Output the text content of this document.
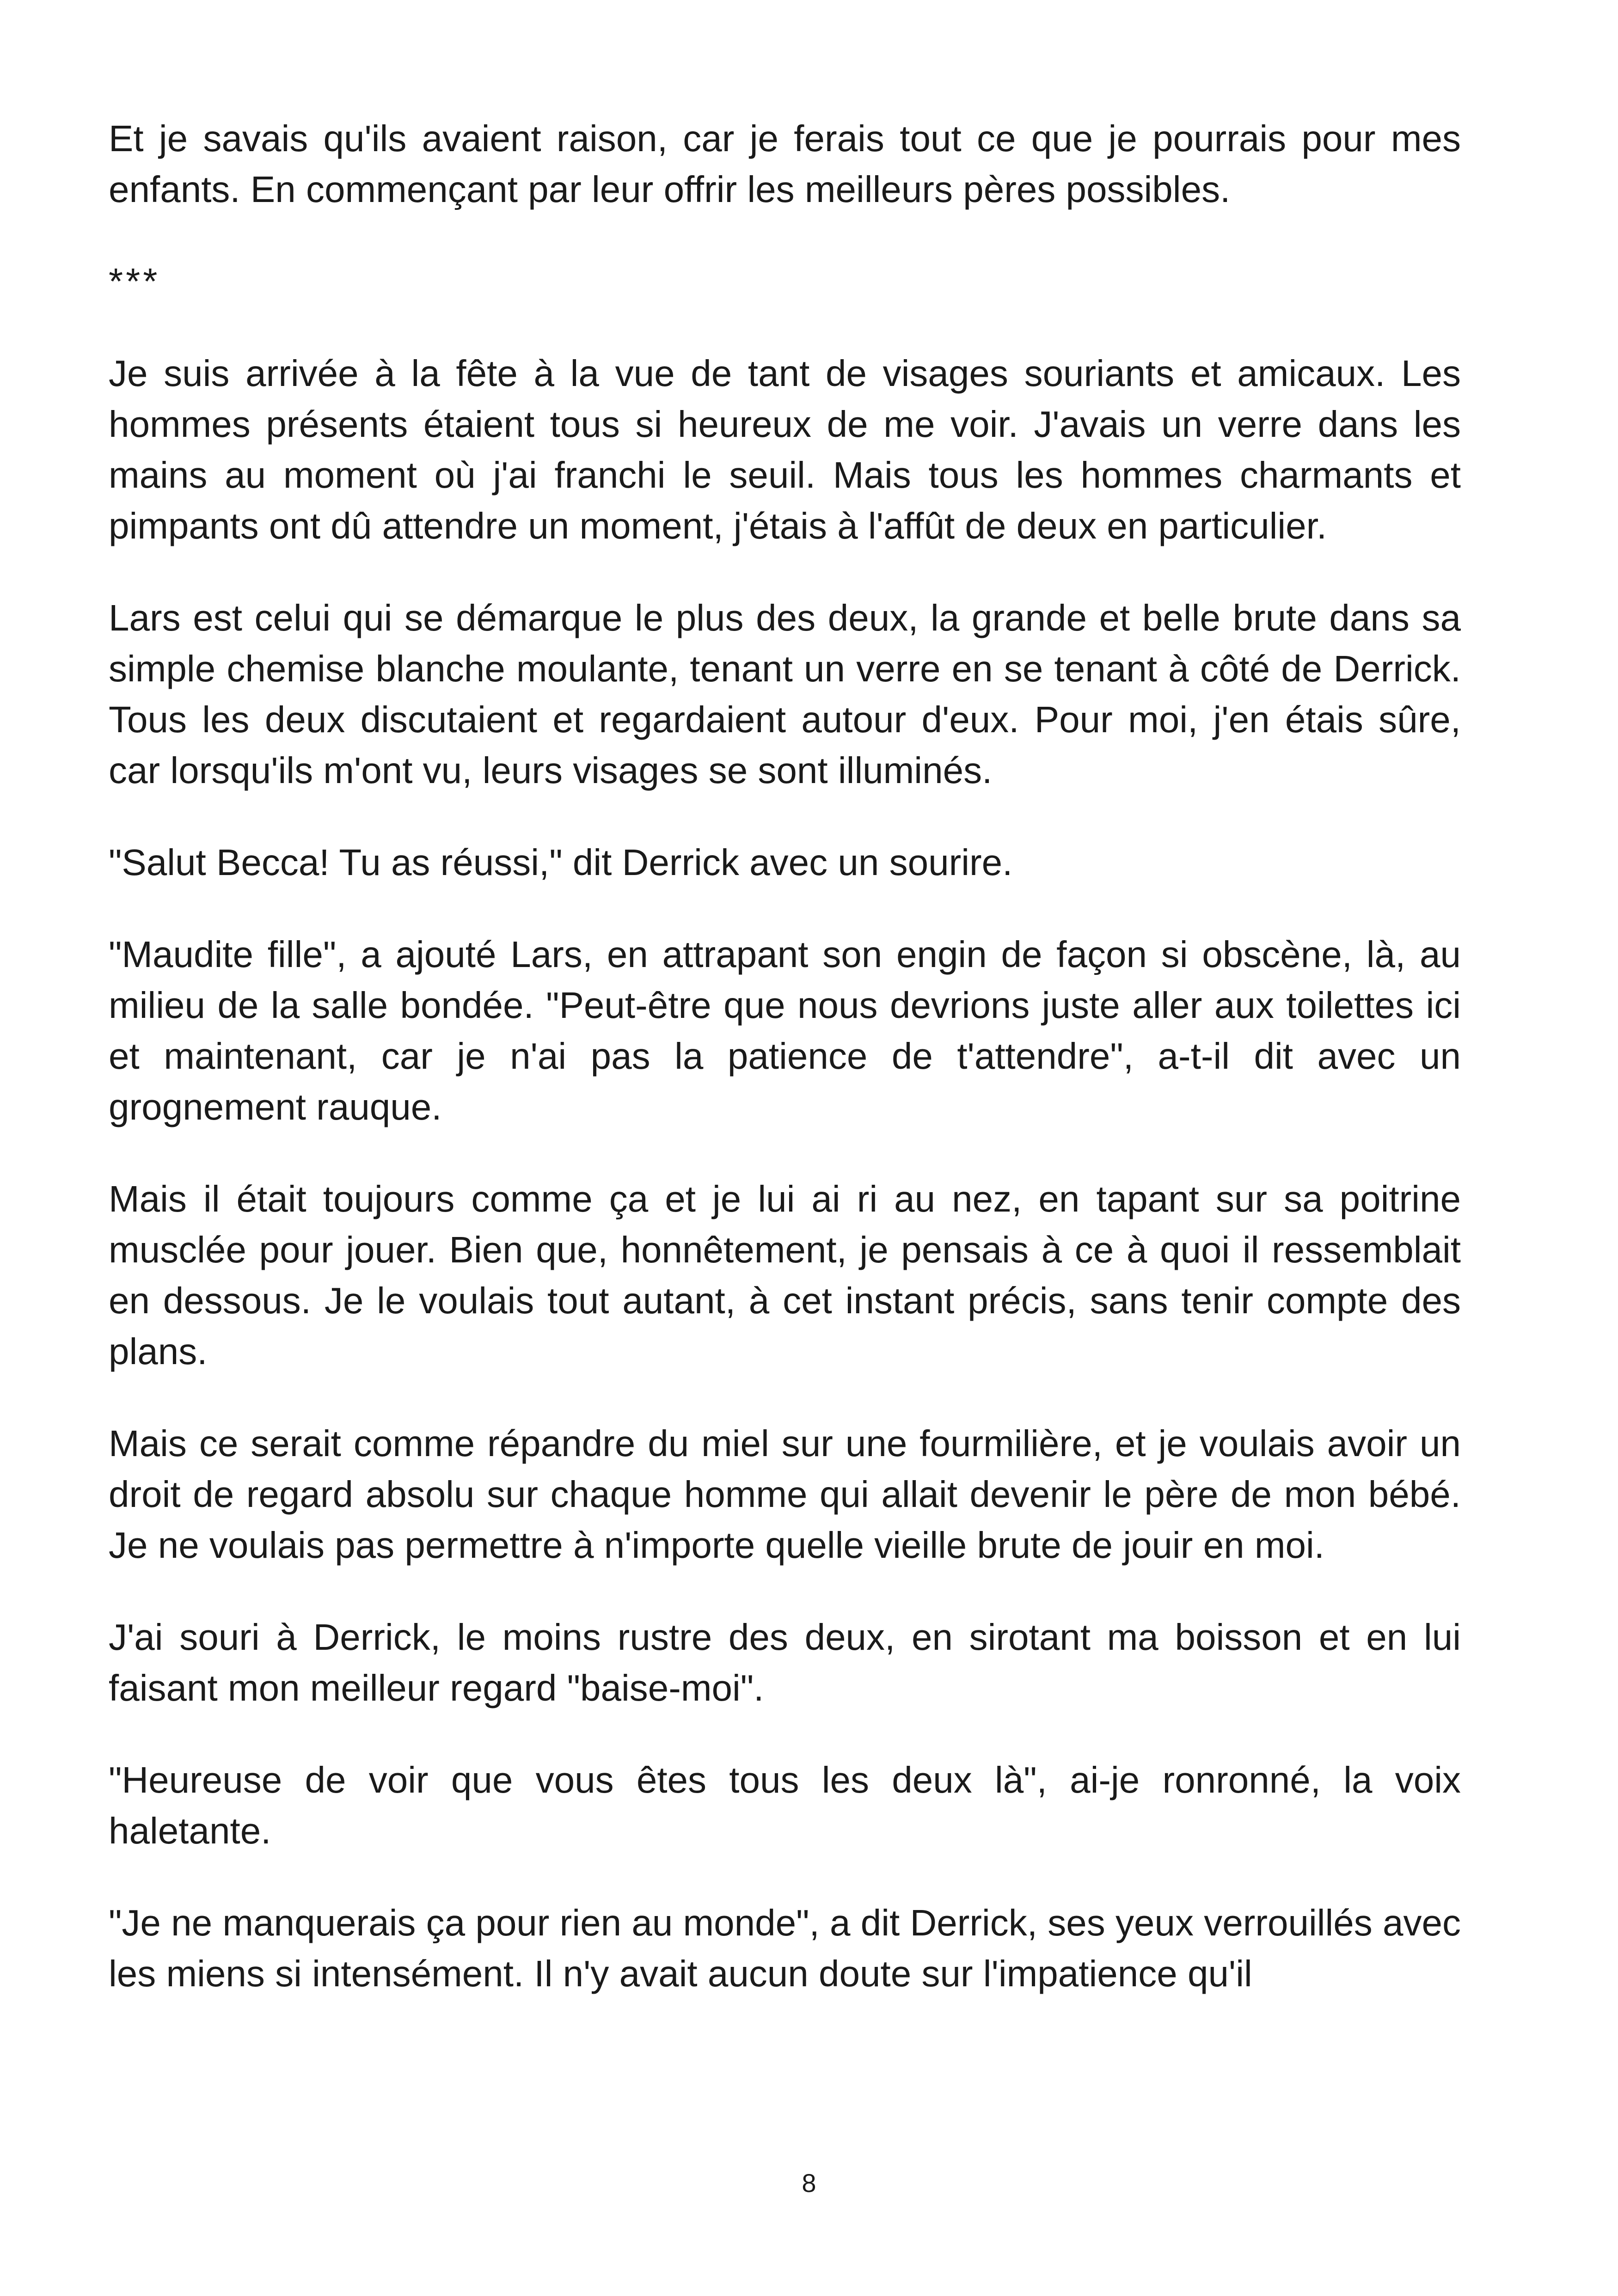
Et je savais qu'ils avaient raison, car je ferais tout ce que je pourrais pour mes enfants. En commençant par leur offrir les meilleurs pères possibles.

***

Je suis arrivée à la fête à la vue de tant de visages souriants et amicaux. Les hommes présents étaient tous si heureux de me voir. J'avais un verre dans les mains au moment où j'ai franchi le seuil. Mais tous les hommes charmants et pimpants ont dû attendre un moment, j'étais à l'affût de deux en particulier.

Lars est celui qui se démarque le plus des deux, la grande et belle brute dans sa simple chemise blanche moulante, tenant un verre en se tenant à côté de Derrick. Tous les deux discutaient et regardaient autour d'eux. Pour moi, j'en étais sûre, car lorsqu'ils m'ont vu, leurs visages se sont illuminés.

"Salut Becca! Tu as réussi," dit Derrick avec un sourire.

"Maudite fille", a ajouté Lars, en attrapant son engin de façon si obscène, là, au milieu de la salle bondée. "Peut-être que nous devrions juste aller aux toilettes ici et maintenant, car je n'ai pas la patience de t'attendre", a-t-il dit avec un grognement rauque.

Mais il était toujours comme ça et je lui ai ri au nez, en tapant sur sa poitrine musclée pour jouer. Bien que, honnêtement, je pensais à ce à quoi il ressemblait en dessous. Je le voulais tout autant, à cet instant précis, sans tenir compte des plans.

Mais ce serait comme répandre du miel sur une fourmilière, et je voulais avoir un droit de regard absolu sur chaque homme qui allait devenir le père de mon bébé. Je ne voulais pas permettre à n'importe quelle vieille brute de jouir en moi.

J'ai souri à Derrick, le moins rustre des deux, en sirotant ma boisson et en lui faisant mon meilleur regard "baise-moi".

"Heureuse de voir que vous êtes tous les deux là", ai-je ronronné, la voix haletante.

"Je ne manquerais ça pour rien au monde", a dit Derrick, ses yeux verrouillés avec les miens si intensément. Il n'y avait aucun doute sur l'impatience qu'il

8
